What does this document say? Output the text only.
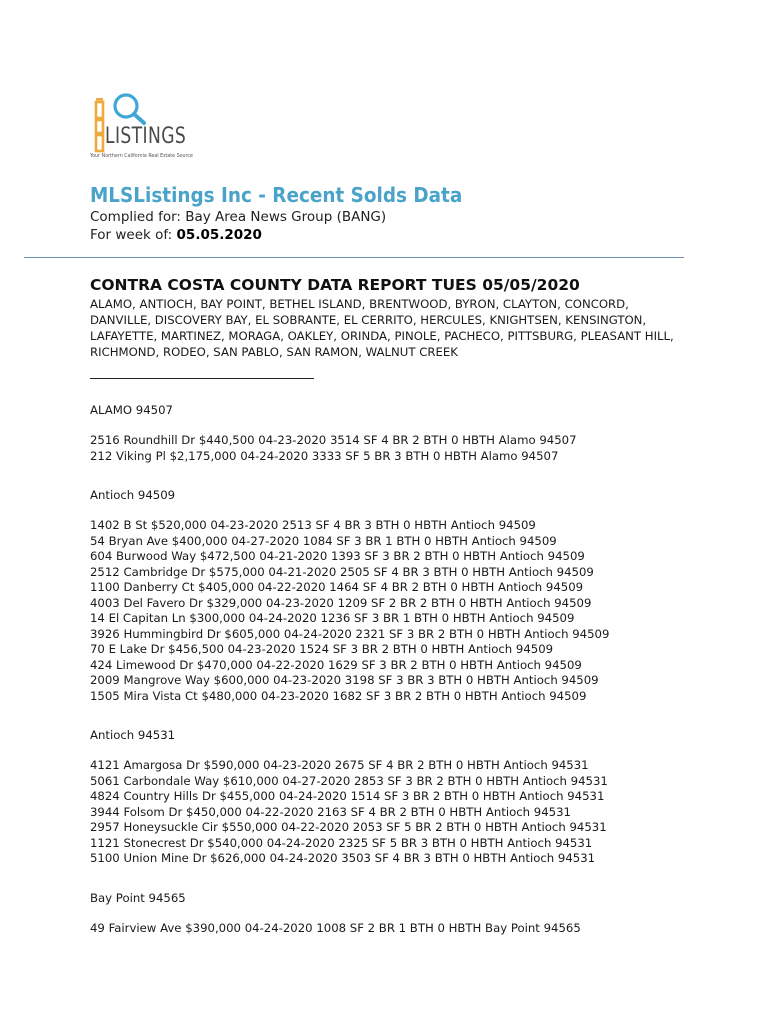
LISTINGS
Your Northern California Real Estate Source
MLSListings Inc - Recent Solds Data
Complied for: Bay Area News Group (BANG)
For week of: 05.05.2020
CONTRA COSTA COUNTY DATA REPORT TUES 05/05/2020
ALAMO, ANTIOCH, BAY POINT, BETHEL ISLAND, BRENTWOOD, BYRON, CLAYTON, CONCORD, DANVILLE, DISCOVERY BAY, EL SOBRANTE, EL CERRITO, HERCULES, KNIGHTSEN, KENSINGTON, LAFAYETTE, MARTINEZ, MORAGA, OAKLEY, ORINDA, PINOLE, PACHECO, PITTSBURG, PLEASANT HILL, RICHMOND, RODEO, SAN PABLO, SAN RAMON, WALNUT CREEK
ALAMO 94507
2516 Roundhill Dr $440,500 04-23-2020 3514 SF 4 BR 2 BTH 0 HBTH Alamo 94507
212 Viking Pl $2,175,000 04-24-2020 3333 SF 5 BR 3 BTH 0 HBTH Alamo 94507
Antioch 94509
1402 B St $520,000 04-23-2020 2513 SF 4 BR 3 BTH 0 HBTH Antioch 94509
54 Bryan Ave $400,000 04-27-2020 1084 SF 3 BR 1 BTH 0 HBTH Antioch 94509
604 Burwood Way $472,500 04-21-2020 1393 SF 3 BR 2 BTH 0 HBTH Antioch 94509
2512 Cambridge Dr $575,000 04-21-2020 2505 SF 4 BR 3 BTH 0 HBTH Antioch 94509
1100 Danberry Ct $405,000 04-22-2020 1464 SF 4 BR 2 BTH 0 HBTH Antioch 94509
4003 Del Favero Dr $329,000 04-23-2020 1209 SF 2 BR 2 BTH 0 HBTH Antioch 94509
14 El Capitan Ln $300,000 04-24-2020 1236 SF 3 BR 1 BTH 0 HBTH Antioch 94509
3926 Hummingbird Dr $605,000 04-24-2020 2321 SF 3 BR 2 BTH 0 HBTH Antioch 94509
70 E Lake Dr $456,500 04-23-2020 1524 SF 3 BR 2 BTH 0 HBTH Antioch 94509
424 Limewood Dr $470,000 04-22-2020 1629 SF 3 BR 2 BTH 0 HBTH Antioch 94509
2009 Mangrove Way $600,000 04-23-2020 3198 SF 3 BR 3 BTH 0 HBTH Antioch 94509
1505 Mira Vista Ct $480,000 04-23-2020 1682 SF 3 BR 2 BTH 0 HBTH Antioch 94509
Antioch 94531
4121 Amargosa Dr $590,000 04-23-2020 2675 SF 4 BR 2 BTH 0 HBTH Antioch 94531
5061 Carbondale Way $610,000 04-27-2020 2853 SF 3 BR 2 BTH 0 HBTH Antioch 94531
4824 Country Hills Dr $455,000 04-24-2020 1514 SF 3 BR 2 BTH 0 HBTH Antioch 94531
3944 Folsom Dr $450,000 04-22-2020 2163 SF 4 BR 2 BTH 0 HBTH Antioch 94531
2957 Honeysuckle Cir $550,000 04-22-2020 2053 SF 5 BR 2 BTH 0 HBTH Antioch 94531
1121 Stonecrest Dr $540,000 04-24-2020 2325 SF 5 BR 3 BTH 0 HBTH Antioch 94531
5100 Union Mine Dr $626,000 04-24-2020 3503 SF 4 BR 3 BTH 0 HBTH Antioch 94531
Bay Point 94565
49 Fairview Ave $390,000 04-24-2020 1008 SF 2 BR 1 BTH 0 HBTH Bay Point 94565
